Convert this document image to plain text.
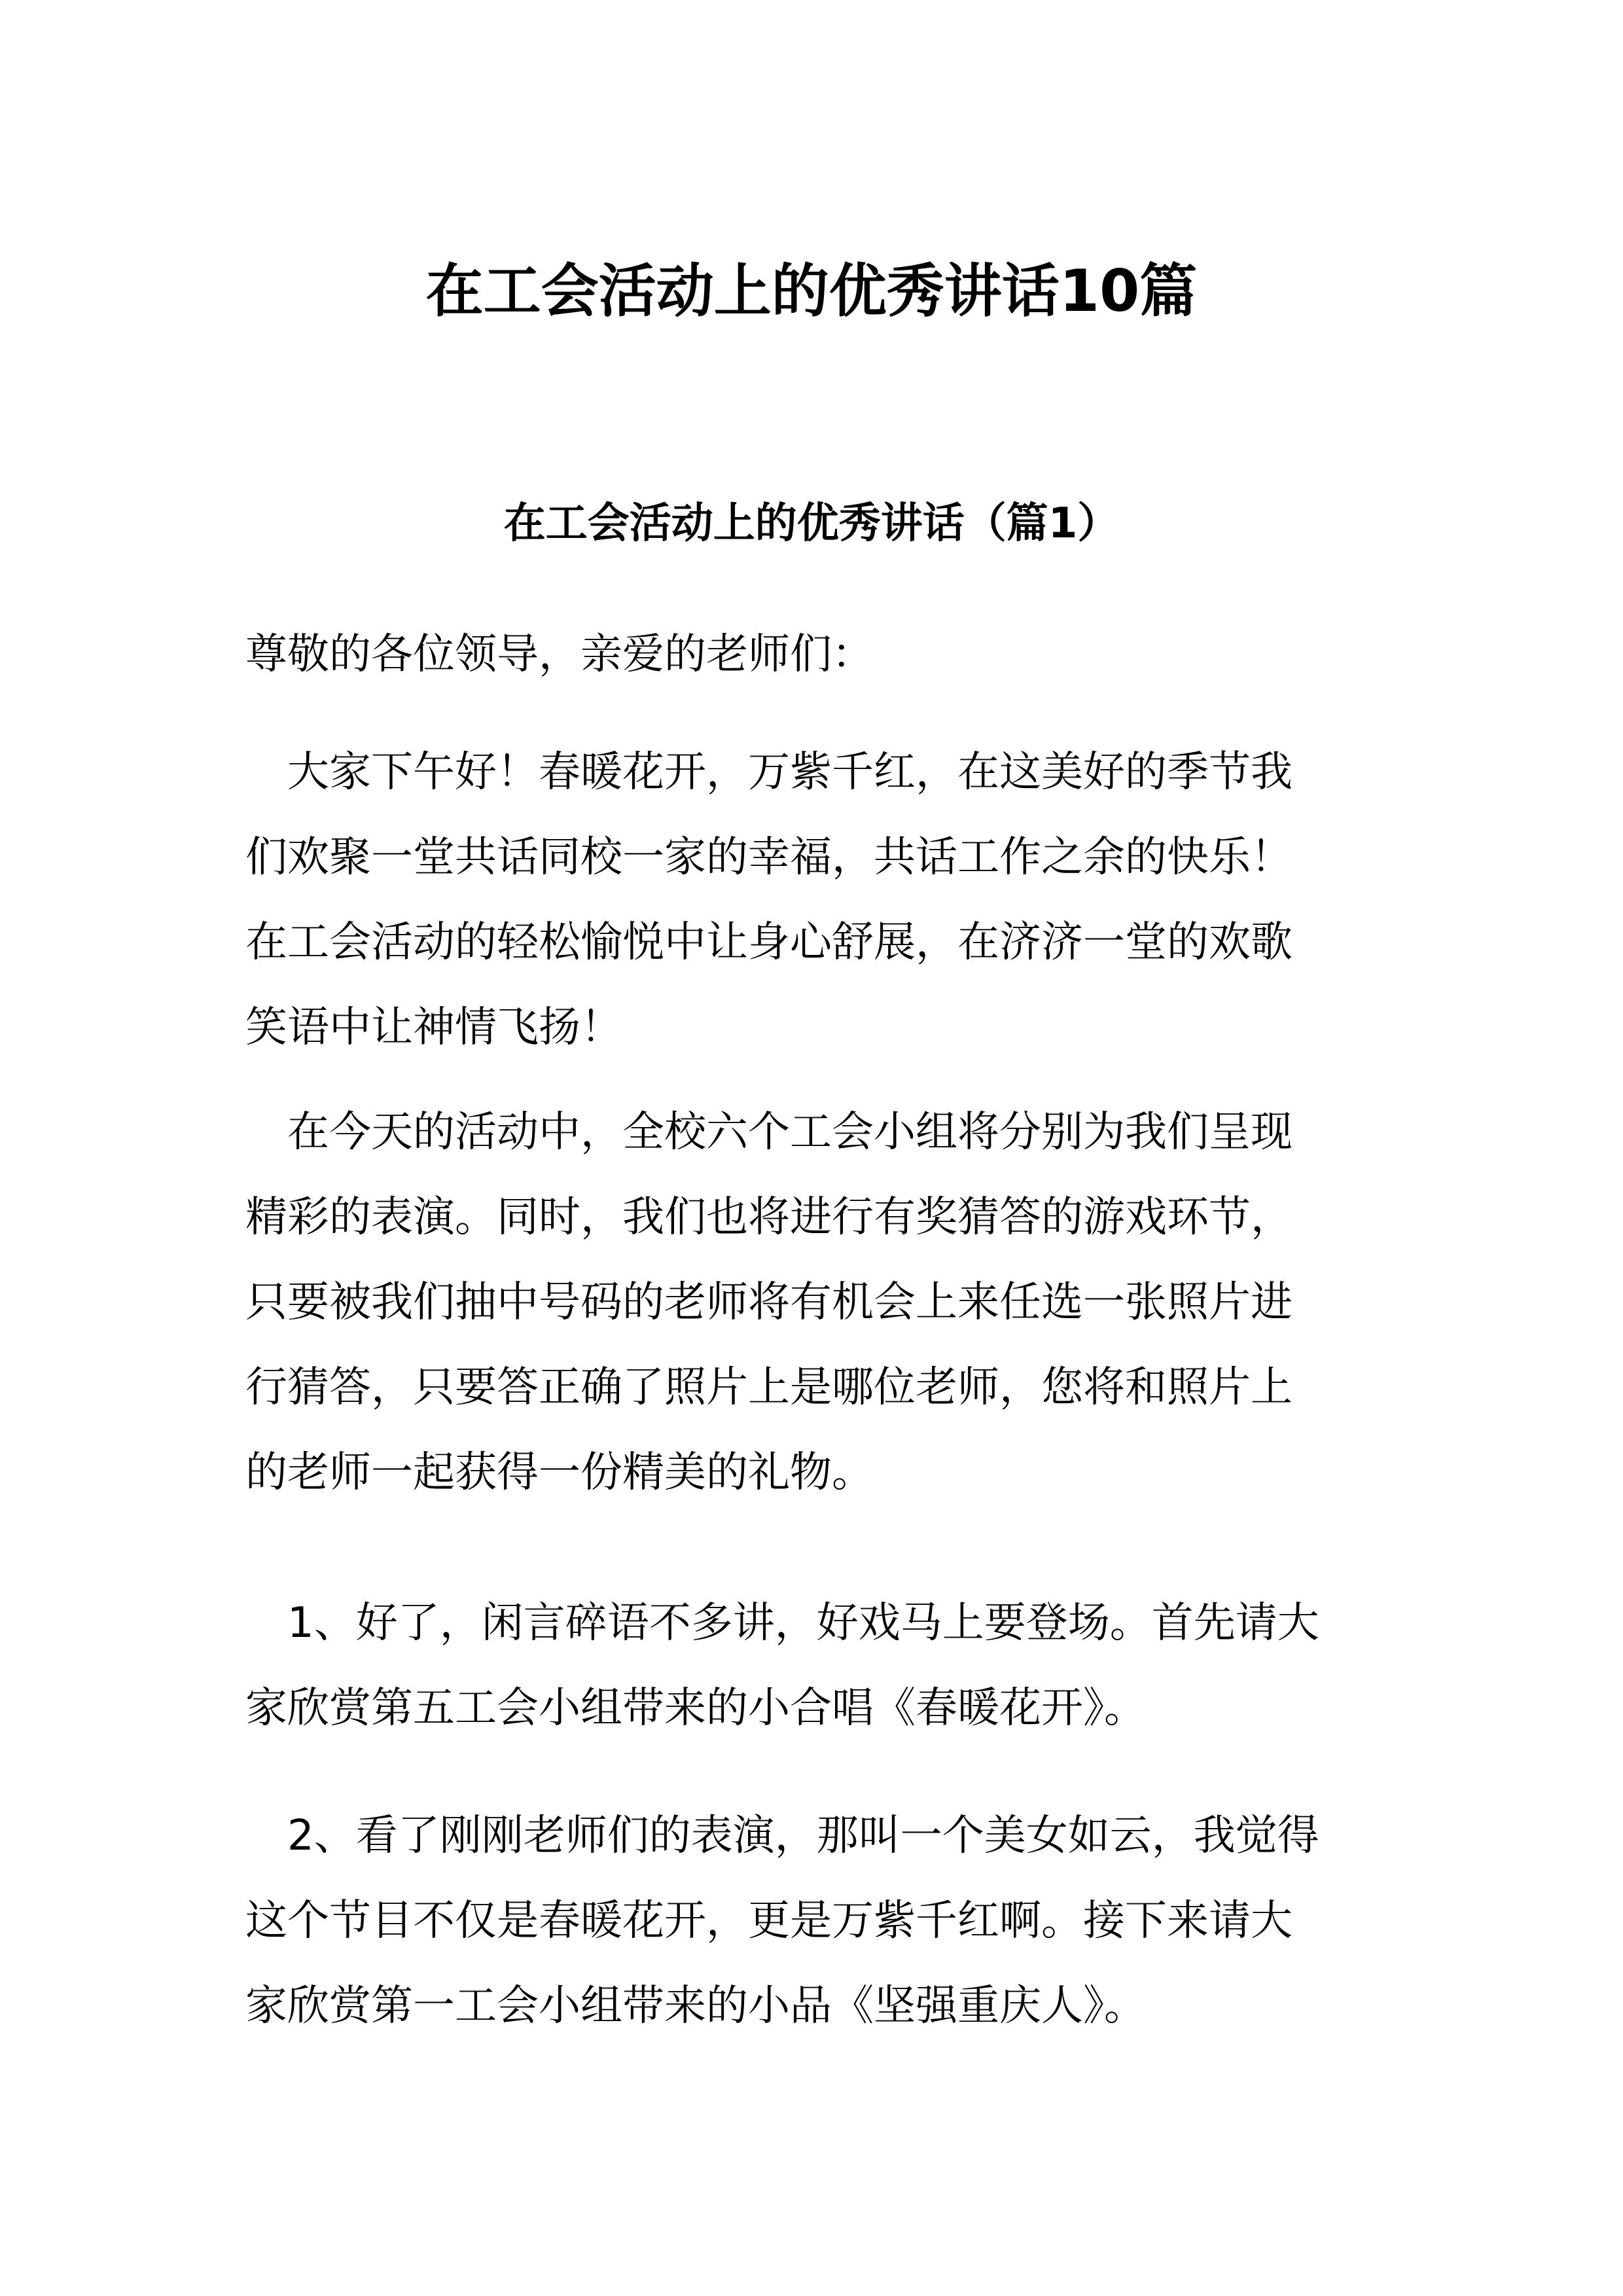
在工会活动上的优秀讲话10篇
在工会活动上的优秀讲话（篇1）
尊敬的各位领导，亲爱的老师们：
　大家下午好！春暖花开，万紫千红，在这美好的季节我
们欢聚一堂共话同校一家的幸福，共话工作之余的快乐！
在工会活动的轻松愉悦中让身心舒展，在济济一堂的欢歌
笑语中让神情飞扬！
　在今天的活动中，全校六个工会小组将分别为我们呈现
精彩的表演。同时，我们也将进行有奖猜答的游戏环节，
只要被我们抽中号码的老师将有机会上来任选一张照片进
行猜答，只要答正确了照片上是哪位老师，您将和照片上
的老师一起获得一份精美的礼物。
　1、好了，闲言碎语不多讲，好戏马上要登场。首先请大
家欣赏第五工会小组带来的小合唱《春暖花开》。
　2、看了刚刚老师们的表演，那叫一个美女如云，我觉得
这个节目不仅是春暖花开，更是万紫千红啊。接下来请大
家欣赏第一工会小组带来的小品《坚强重庆人》。
